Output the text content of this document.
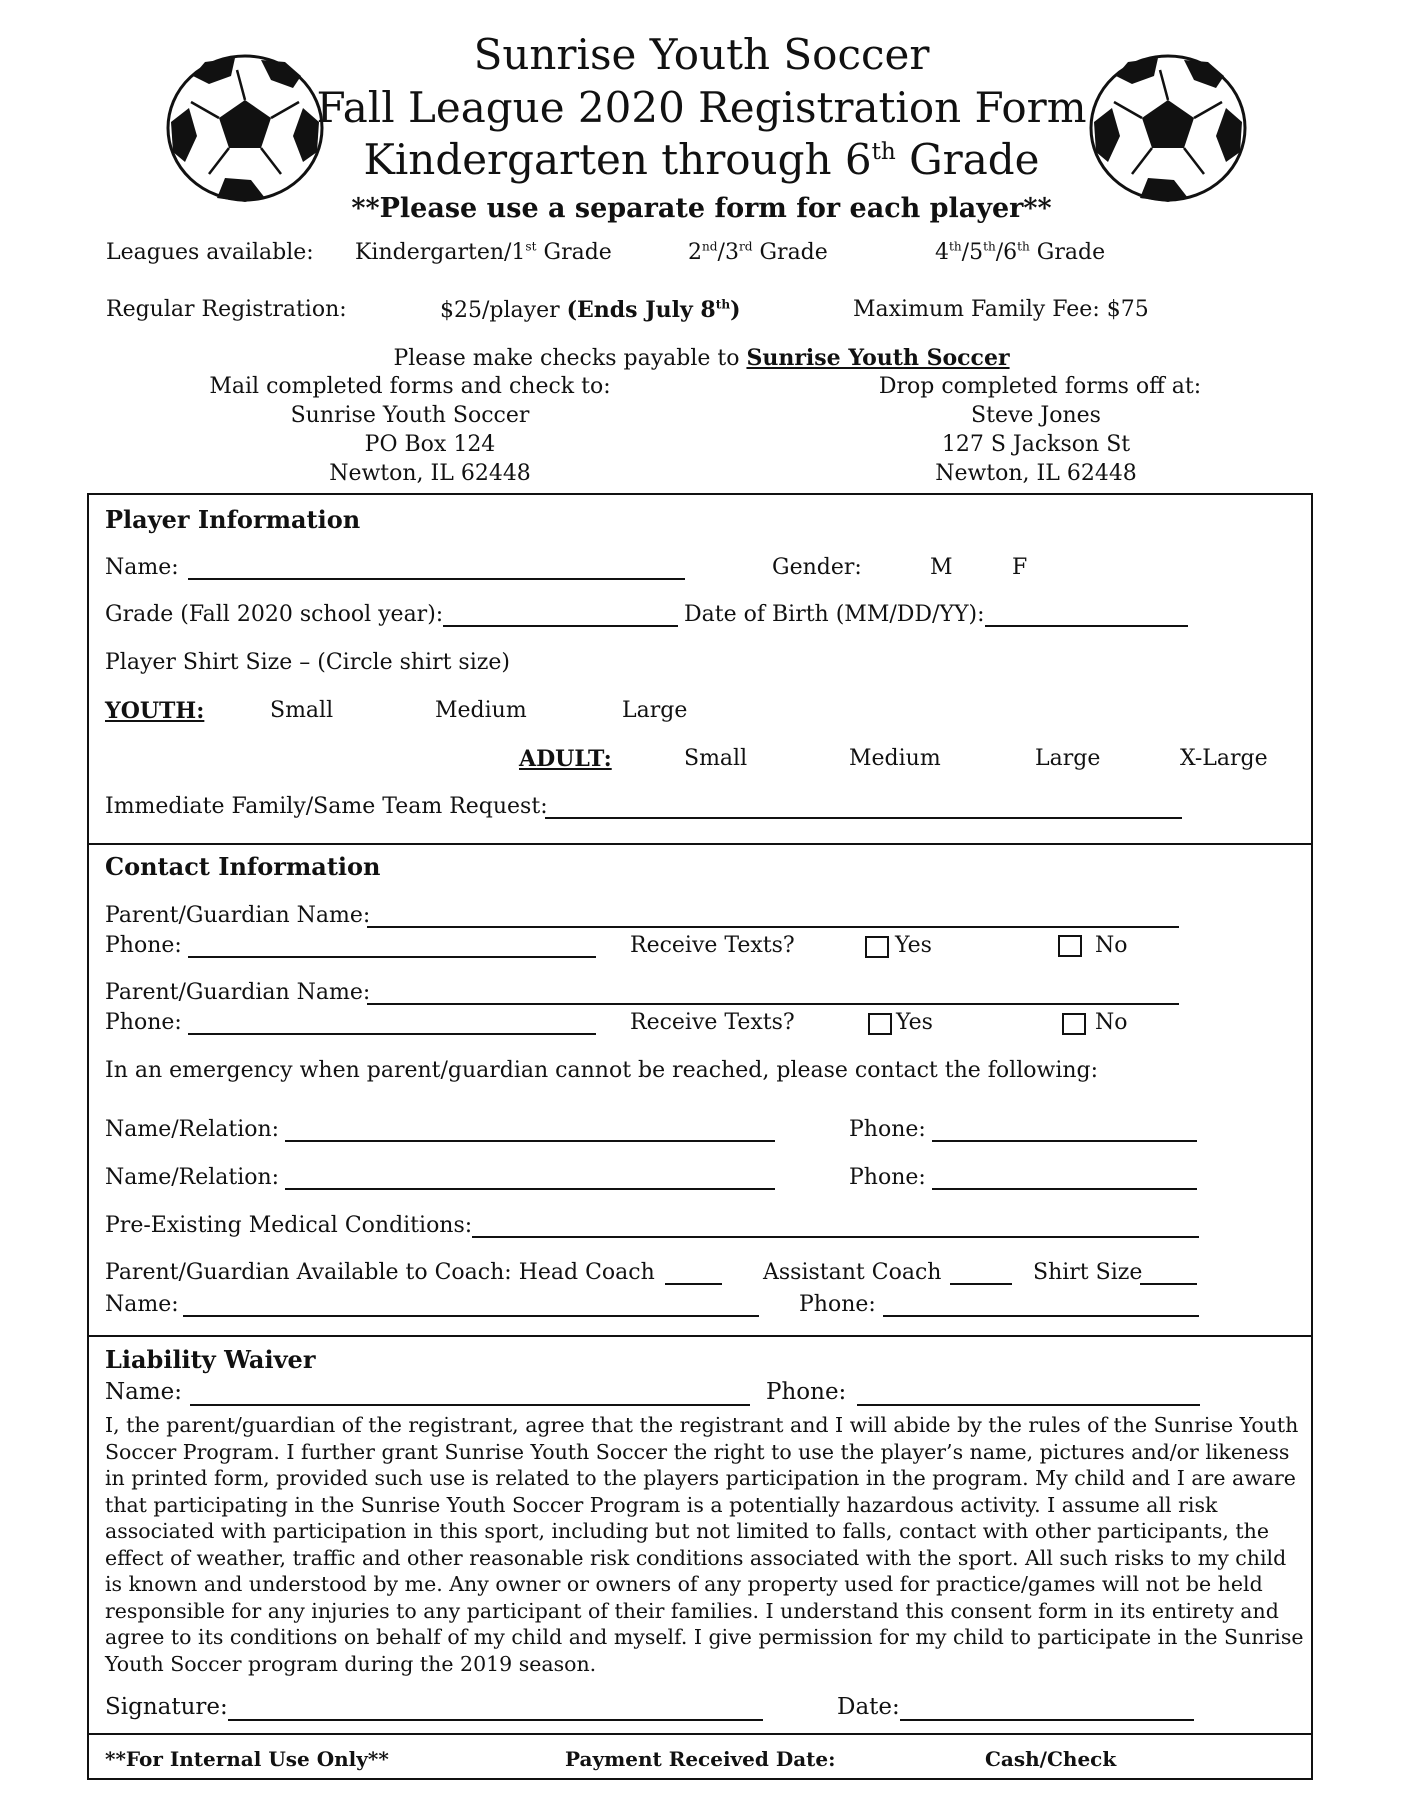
Sunrise Youth Soccer
Fall League 2020 Registration Form
Kindergarten through 6th Grade
**Please use a separate form for each player**
Leagues available: Kindergarten/1st Grade	2nd/3rd Grade	4th/5th/6th Grade
Regular Registration:	$25/player (Ends July 8th)	Maximum Family Fee: $75
Please make checks payable to Sunrise Youth Soccer
Mail completed forms and check to:
Sunrise Youth Soccer
PO Box 124
Newton, IL 62448
Drop completed forms off at:
Steve Jones
127 S Jackson St
Newton, IL 62448
Player Information
Name:	Gender:	M	F
Grade (Fall 2020 school year):	Date of Birth (MM/DD/YY):
Player Shirt Size – (Circle shirt size)
YOUTH:	Small	Medium	Large
ADULT:	Small	Medium	Large	X-Large
Immediate Family/Same Team Request:
Contact Information
Parent/Guardian Name:
Phone:	Receive Texts?	Yes	No
Parent/Guardian Name:
Phone:	Receive Texts?	Yes	No
In an emergency when parent/guardian cannot be reached, please contact the following:
Name/Relation:	Phone:
Name/Relation:	Phone:
Pre-Existing Medical Conditions:
Parent/Guardian Available to Coach: Head Coach	Assistant Coach	Shirt Size
Name:	Phone:
Liability Waiver
Name:	Phone:
I, the parent/guardian of the registrant, agree that the registrant and I will abide by the rules of the Sunrise Youth Soccer Program. I further grant Sunrise Youth Soccer the right to use the player’s name, pictures and/or likeness in printed form, provided such use is related to the players participation in the program. My child and I are aware that participating in the Sunrise Youth Soccer Program is a potentially hazardous activity. I assume all risk associated with participation in this sport, including but not limited to falls, contact with other participants, the effect of weather, traffic and other reasonable risk conditions associated with the sport. All such risks to my child is known and understood by me. Any owner or owners of any property used for practice/games will not be held responsible for any injuries to any participant of their families. I understand this consent form in its entirety and agree to its conditions on behalf of my child and myself. I give permission for my child to participate in the Sunrise Youth Soccer program during the 2019 season.
Signature:	Date:
**For Internal Use Only**	Payment Received Date:	Cash/Check
